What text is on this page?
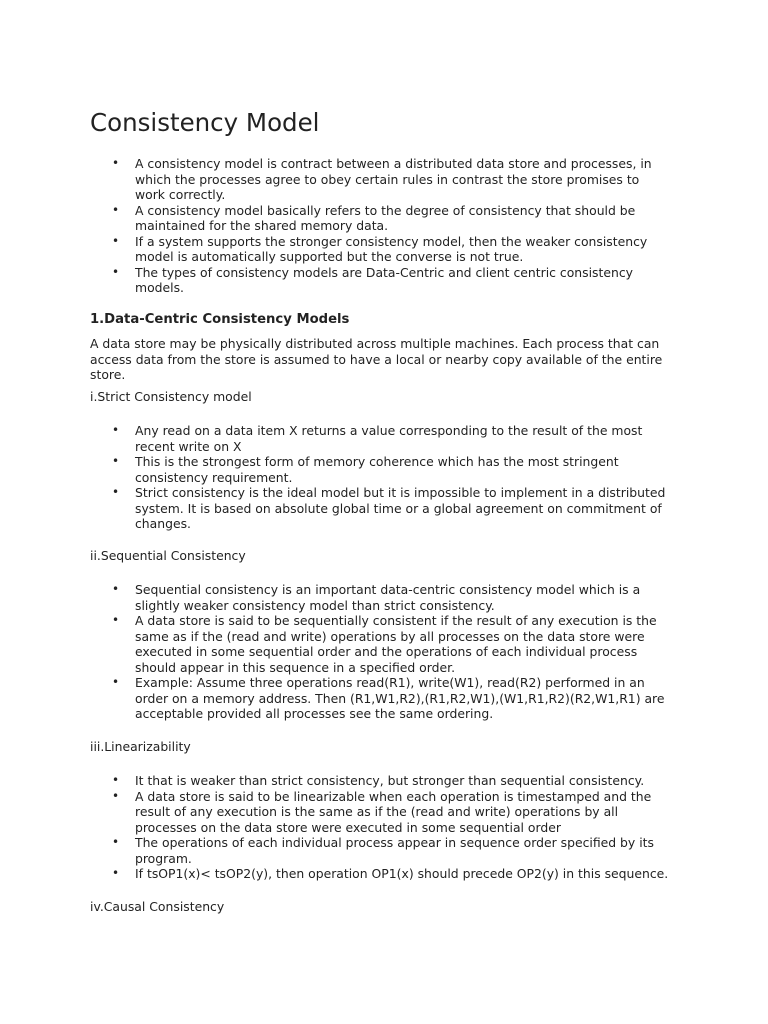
Consistency Model
• A consistency model is contract between a distributed data store and processes, in
which the processes agree to obey certain rules in contrast the store promises to
work correctly.
• A consistency model basically refers to the degree of consistency that should be
maintained for the shared memory data.
• If a system supports the stronger consistency model, then the weaker consistency
model is automatically supported but the converse is not true.
• The types of consistency models are Data-Centric and client centric consistency
models.
1.Data-Centric Consistency Models

A data store may be physically distributed across multiple machines. Each process that can
access data from the store is assumed to have a local or nearby copy available of the entire
store.

i.Strict Consistency model

• Any read on a data item X returns a value corresponding to the result of the most
recent write on X
• This is the strongest form of memory coherence which has the most stringent
consistency requirement.
• Strict consistency is the ideal model but it is impossible to implement in a distributed
system. It is based on absolute global time or a global agreement on commitment of
changes.

ii.Sequential Consistency

• Sequential consistency is an important data-centric consistency model which is a
slightly weaker consistency model than strict consistency.
• A data store is said to be sequentially consistent if the result of any execution is the
same as if the (read and write) operations by all processes on the data store were
executed in some sequential order and the operations of each individual process
should appear in this sequence in a specified order.
• Example: Assume three operations read(R1), write(W1), read(R2) performed in an
order on a memory address. Then (R1,W1,R2),(R1,R2,W1),(W1,R1,R2)(R2,W1,R1) are
acceptable provided all processes see the same ordering.

iii.Linearizability

• It that is weaker than strict consistency, but stronger than sequential consistency.
• A data store is said to be linearizable when each operation is timestamped and the
result of any execution is the same as if the (read and write) operations by all
processes on the data store were executed in some sequential order
• The operations of each individual process appear in sequence order specified by its
program.
• If tsOP1(x)< tsOP2(y), then operation OP1(x) should precede OP2(y) in this sequence.

iv.Causal Consistency
